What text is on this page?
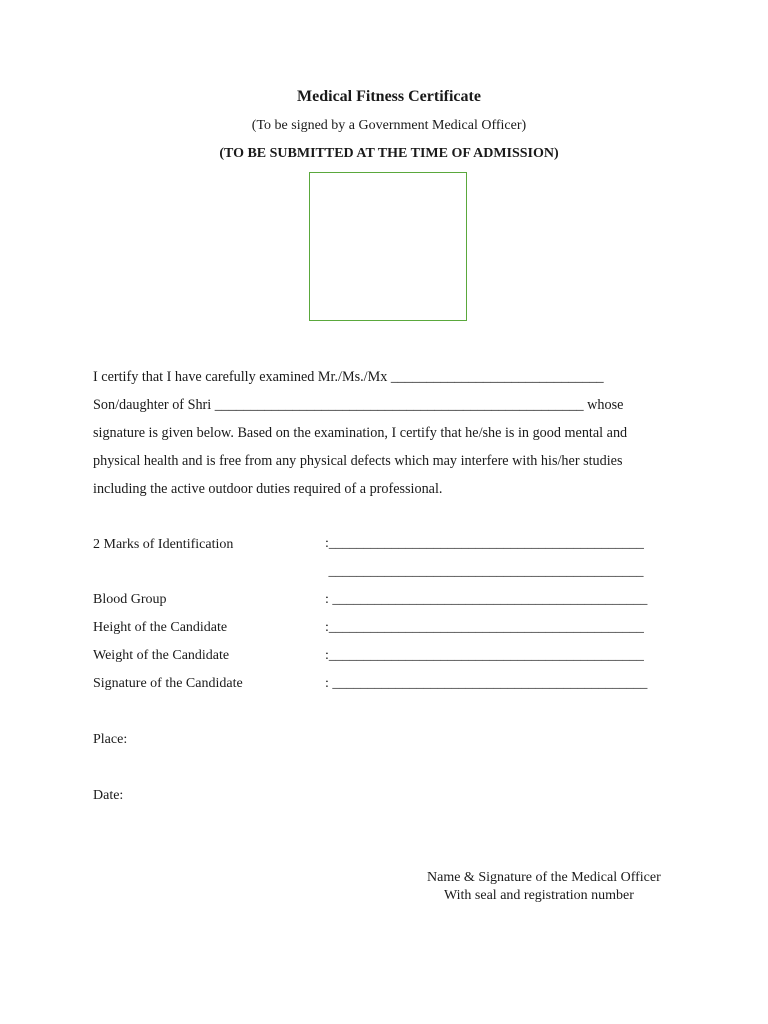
Medical Fitness Certificate
(To be signed by a Government Medical Officer)
(TO BE SUBMITTED AT THE TIME OF ADMISSION)
I certify that I have carefully examined Mr./Ms./Mx ______________________________
Son/daughter of Shri ____________________________________________________ whose
signature is given below. Based on the examination, I certify that he/she is in good mental and
physical health and is free from any physical defects which may interfere with his/her studies
including the active outdoor duties required of a professional.
2 Marks of Identification	:_____________________________________________
_____________________________________________
Blood Group	: _____________________________________________
Height of the Candidate	:_____________________________________________
Weight of the Candidate	:_____________________________________________
Signature of the Candidate	: _____________________________________________
Place:
Date:
Name & Signature of the Medical Officer
With seal and registration number
